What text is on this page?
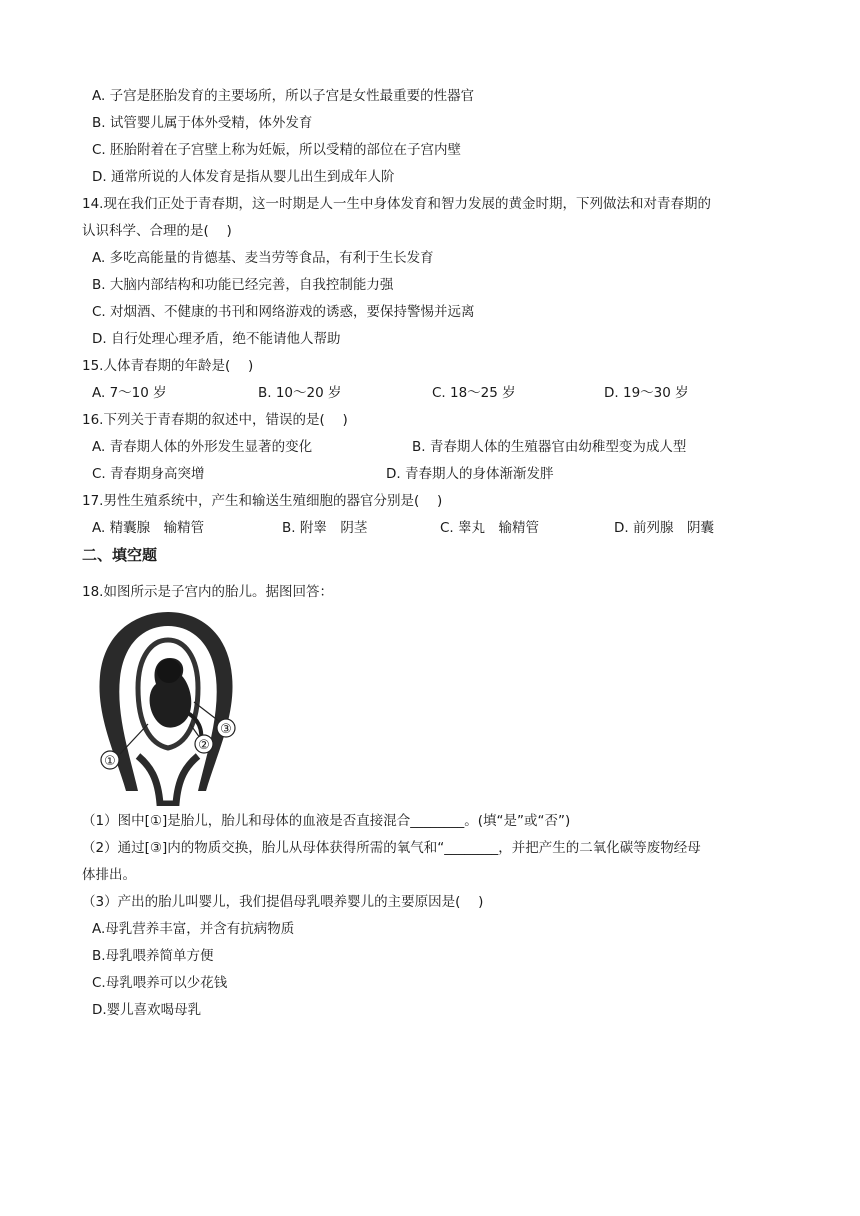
A. 子宫是胚胎发育的主要场所，所以子宫是女性最重要的性器官
B. 试管婴儿属于体外受精，体外发育
C. 胚胎附着在子宫壁上称为妊娠，所以受精的部位在子宫内壁
D. 通常所说的人体发育是指从婴儿出生到成年人阶
14.现在我们正处于青春期，这一时期是人一生中身体发育和智力发展的黄金时期，下列做法和对青春期的
认识科学、合理的是(　 )
A. 多吃高能量的肯德基、麦当劳等食品，有利于生长发育
B. 大脑内部结构和功能已经完善，自我控制能力强
C. 对烟酒、不健康的书刊和网络游戏的诱惑，要保持警惕并远离
D. 自行处理心理矛盾，绝不能请他人帮助
15.人体青春期的年龄是(　 )
A. 7～10 岁	B. 10～20 岁	C. 18～25 岁	D. 19～30 岁
16.下列关于青春期的叙述中，错误的是(　 )
A. 青春期人体的外形发生显著的变化	B. 青春期人体的生殖器官由幼稚型变为成人型
C. 青春期身高突增	D. 青春期人的身体渐渐发胖
17.男性生殖系统中，产生和输送生殖细胞的器官分别是(　 )
A. 精囊腺　输精管	B. 附睾　阴茎	C. 睾丸　输精管	D. 前列腺　阴囊
二、填空题
18.如图所示是子宫内的胎儿。据图回答：
①
②
③
（1）图中[①]是胎儿，胎儿和母体的血液是否直接混合________。(填“是”或“否”)
（2）通过[③]内的物质交换，胎儿从母体获得所需的氧气和“________，并把产生的二氧化碳等废物经母
体排出。
（3）产出的胎儿叫婴儿，我们提倡母乳喂养婴儿的主要原因是(　 )
A.母乳营养丰富，并含有抗病物质
B.母乳喂养简单方便
C.母乳喂养可以少花钱
D.婴儿喜欢喝母乳
